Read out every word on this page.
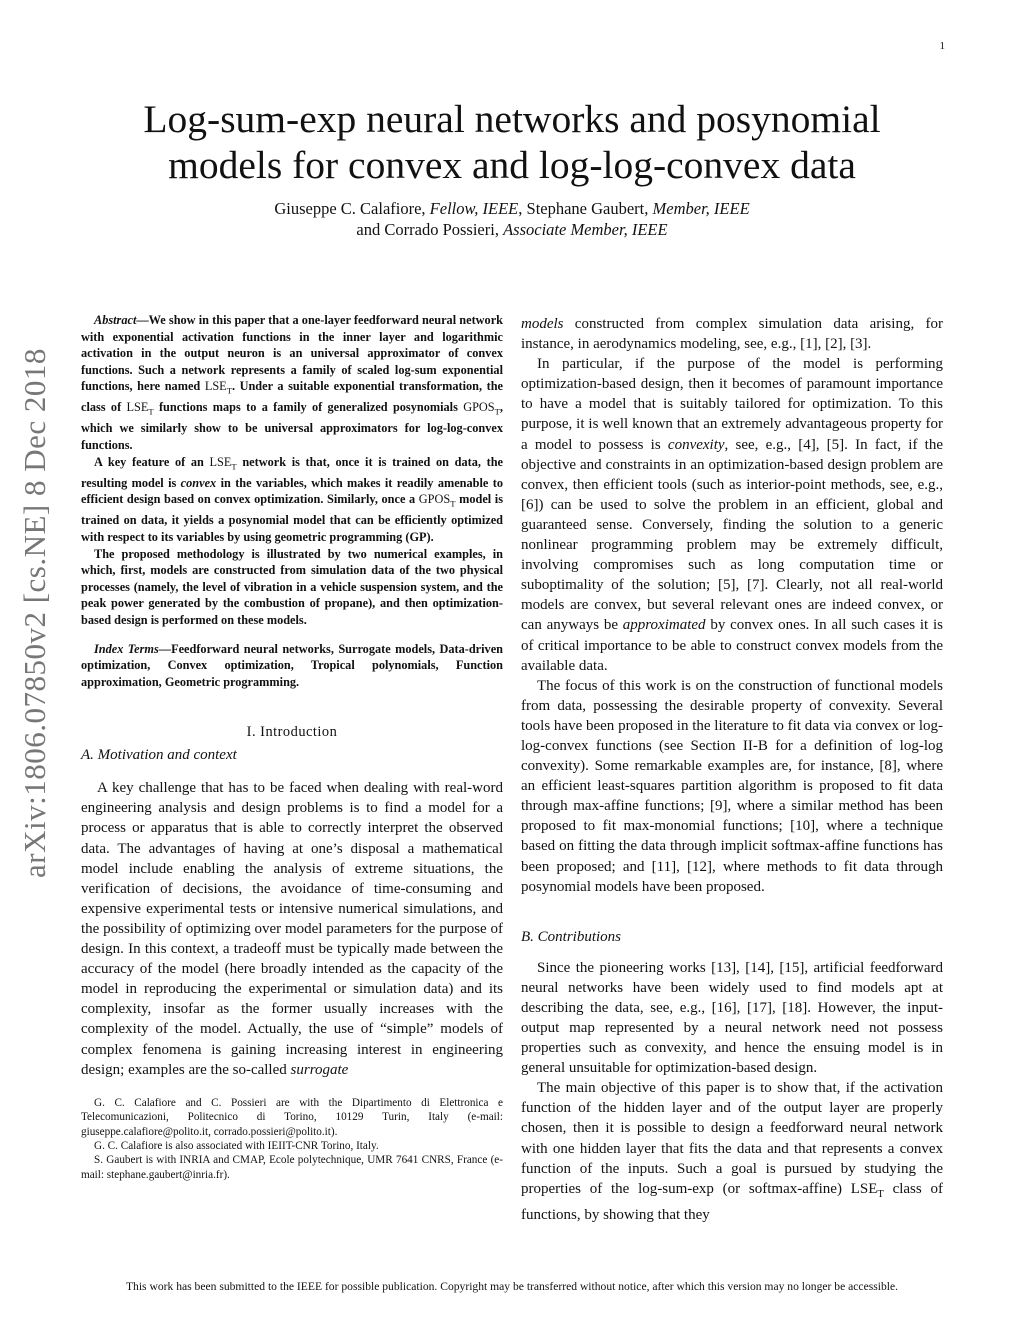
1
arXiv:1806.07850v2 [cs.NE] 8 Dec 2018
Log-sum-exp neural networks and posynomial
models for convex and log-log-convex data
Giuseppe C. Calafiore, Fellow, IEEE, Stephane Gaubert, Member, IEEE
and Corrado Possieri, Associate Member, IEEE

Abstract—We show in this paper that a one-layer feedforward neural network with exponential activation functions in the inner layer and logarithmic activation in the output neuron is an universal approximator of convex functions. Such a network represents a family of scaled log-sum exponential functions, here named $LSE_T$. Under a suitable exponential transformation, the class of $LSE_T$ functions maps to a family of generalized posynomials $GPOS_T$, which we similarly show to be universal approximators for log-log-convex functions.

A key feature of an $LSE_T$ network is that, once it is trained on data, the resulting model is convex in the variables, which makes it readily amenable to efficient design based on convex optimization. Similarly, once a $GPOS_T$ model is trained on data, it yields a posynomial model that can be efficiently optimized with respect to its variables by using geometric programming (GP).

The proposed methodology is illustrated by two numerical examples, in which, first, models are constructed from simulation data of the two physical processes (namely, the level of vibration in a vehicle suspension system, and the peak power generated by the combustion of propane), and then optimization-based design is performed on these models.

Index Terms—Feedforward neural networks, Surrogate models, Data-driven optimization, Convex optimization, Tropical polynomials, Function approximation, Geometric programming.

I. Introduction
A. Motivation and context

A key challenge that has to be faced when dealing with real-word engineering analysis and design problems is to find a model for a process or apparatus that is able to correctly interpret the observed data. The advantages of having at one’s disposal a mathematical model include enabling the analysis of extreme situations, the verification of decisions, the avoidance of time-consuming and expensive experimental tests or intensive numerical simulations, and the possibility of optimizing over model parameters for the purpose of design. In this context, a tradeoff must be typically made between the accuracy of the model (here broadly intended as the capacity of the model in reproducing the experimental or simulation data) and its complexity, insofar as the former usually increases with the complexity of the model. Actually, the use of “simple” models of complex fenomena is gaining increasing interest in engineering design; examples are the so-called surrogate

G. C. Calafiore and C. Possieri are with the Dipartimento di Elettronica e Telecomunicazioni, Politecnico di Torino, 10129 Turin, Italy (e-mail: giuseppe.calafiore@polito.it, corrado.possieri@polito.it).

G. C. Calafiore is also associated with IEIIT-CNR Torino, Italy.

S. Gaubert is with INRIA and CMAP, Ecole polytechnique, UMR 7641 CNRS, France (e-mail: stephane.gaubert@inria.fr).

models constructed from complex simulation data arising, for instance, in aerodynamics modeling, see, e.g., [1], [2], [3].

In particular, if the purpose of the model is performing optimization-based design, then it becomes of paramount importance to have a model that is suitably tailored for optimization. To this purpose, it is well known that an extremely advantageous property for a model to possess is convexity, see, e.g., [4], [5]. In fact, if the objective and constraints in an optimization-based design problem are convex, then efficient tools (such as interior-point methods, see, e.g., [6]) can be used to solve the problem in an efficient, global and guaranteed sense. Conversely, finding the solution to a generic nonlinear programming problem may be extremely difficult, involving compromises such as long computation time or suboptimality of the solution; [5], [7]. Clearly, not all real-world models are convex, but several relevant ones are indeed convex, or can anyways be approximated by convex ones. In all such cases it is of critical importance to be able to construct convex models from the available data.

The focus of this work is on the construction of functional models from data, possessing the desirable property of convexity. Several tools have been proposed in the literature to fit data via convex or log-log-convex functions (see Section II-B for a definition of log-log convexity). Some remarkable examples are, for instance, [8], where an efficient least-squares partition algorithm is proposed to fit data through max-affine functions; [9], where a similar method has been proposed to fit max-monomial functions; [10], where a technique based on fitting the data through implicit softmax-affine functions has been proposed; and [11], [12], where methods to fit data through posynomial models have been proposed.

B. Contributions

Since the pioneering works [13], [14], [15], artificial feedforward neural networks have been widely used to find models apt at describing the data, see, e.g., [16], [17], [18]. However, the input-output map represented by a neural network need not possess properties such as convexity, and hence the ensuing model is in general unsuitable for optimization-based design.

The main objective of this paper is to show that, if the activation function of the hidden layer and of the output layer are properly chosen, then it is possible to design a feedforward neural network with one hidden layer that fits the data and that represents a convex function of the inputs. Such a goal is pursued by studying the properties of the log-sum-exp (or softmax-affine) $LSE_T$ class of functions, by showing that they

This work has been submitted to the IEEE for possible publication. Copyright may be transferred without notice, after which this version may no longer be accessible.
